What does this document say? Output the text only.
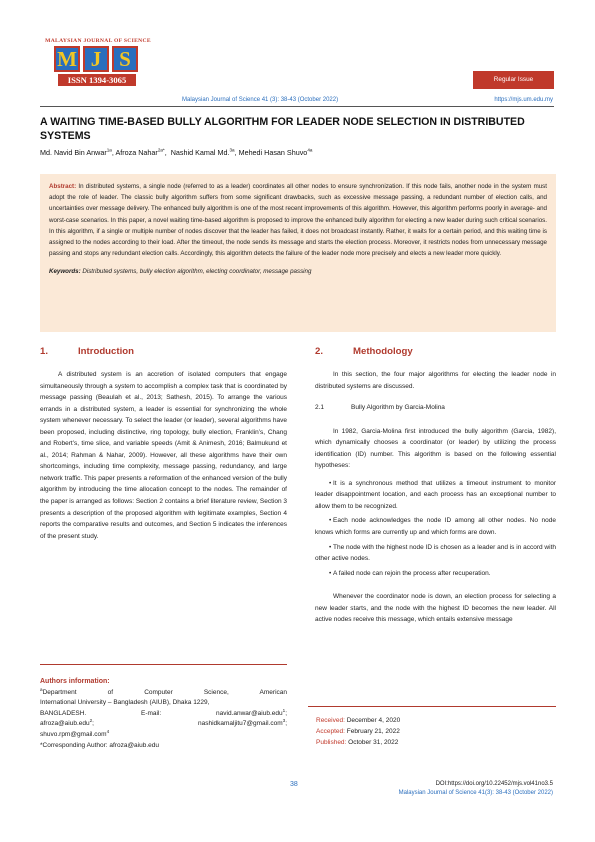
MALAYSIAN JOURNAL OF SCIENCE
M J S
ISSN 1394-3065	Regular Issue
Malaysian Journal of Science 41 (3): 38-43 (October 2022)	https://mjs.um.edu.my
A WAITING TIME-BASED BULLY ALGORITHM FOR LEADER NODE SELECTION IN DISTRIBUTED SYSTEMS
Md. Navid Bin Anwar$^{1a}$, Afroza Nahar$^{2a*}$,  Nashid Kamal Md.$^{3a}$, Mehedi Hasan Shuvo$^{4a}$
Abstract: In distributed systems, a single node (referred to as a leader) coordinates all other nodes to ensure synchronization. If this node fails, another node in the system must adopt the role of leader. The classic bully algorithm suffers from some significant drawbacks, such as excessive message passing, a redundant number of election calls, and uncertainties over message delivery. The enhanced bully algorithm is one of the most recent improvements of this algorithm. However, this algorithm performs poorly in average- and worst-case scenarios. In this paper, a novel waiting time-based algorithm is proposed to improve the enhanced bully algorithm for electing a new leader during such critical scenarios. In this algorithm, if a single or multiple number of nodes discover that the leader has failed, it does not broadcast instantly. Rather, it waits for a certain period, and this waiting time is assigned to the nodes according to their load. After the timeout, the node sends its message and starts the election process. Moreover, it restricts nodes from unnecessary message passing and stops any redundant election calls. Accordingly, this algorithm detects the failure of the leader node more precisely and elects a new leader more quickly.
Keywords: Distributed systems, bully election algorithm, electing coordinator, message passing
1.	Introduction

A distributed system is an accretion of isolated computers that engage simultaneously through a system to accomplish a complex task that is coordinated by message passing (Beaulah et al., 2013; Sathesh, 2015). To arrange the various errands in a distributed system, a leader is essential for synchronizing the whole system whenever necessary. To select the leader (or leader), several algorithms have been proposed, including distinctive, ring topology, bully election, Franklin’s, Chang and Robert’s, time slice, and variable speeds (Amit & Animesh, 2016; Balmukund et al., 2014; Rahman & Nahar, 2009). However, all these algorithms have their own shortcomings, including time complexity, message passing, redundancy, and large network traffic. This paper presents a reformation of the enhanced version of the bully algorithm by introducing the time allocation concept to the nodes. The remainder of the paper is arranged as follows: Section 2 contains a brief literature review, Section 3 presents a description of the proposed algorithm with legitimate examples, Section 4 reports the comparative results and outcomes, and Section 5 indicates the inferences of the present study.

Authors information:
$^a$Department of Computer Science, American
International University – Bangladesh (AIUB), Dhaka 1229,
BANGLADESH. E-mail: navid.anwar@aiub.edu$^1$;
afroza@aiub.edu$^2$; nashidkamaljitu7@gmail.com$^3$;
shuvo.rpm@gmail.com$^4$
*Corresponding Author: afroza@aiub.edu
2.	Methodology

In this section, the four major algorithms for electing the leader node in distributed systems are discussed.

2.1	Bully Algorithm by Garcia-Molina

In 1982, Garcia-Molina first introduced the bully algorithm (Garcia, 1982), which dynamically chooses a coordinator (or leader) by utilizing the process identification (ID) number. This algorithm is based on the following essential hypotheses:

• It is a synchronous method that utilizes a timeout instrument to monitor leader disappointment location, and each process has an exceptional number to allow them to be recognized.

• Each node acknowledges the node ID among all other nodes. No node knows which forms are currently up and which forms are down.

• The node with the highest node ID is chosen as a leader and is in accord with other active nodes.

• A failed node can rejoin the process after recuperation.

Whenever the coordinator node is down, an election process for selecting a new leader starts, and the node with the highest ID becomes the new leader. All active nodes receive this message, which entails extensive message

Received: December 4, 2020
Accepted: February 21, 2022
Published: October 31, 2022
38	DOI:https://doi.org/10.22452/mjs.vol41no3.5
Malaysian Journal of Science 41(3): 38-43 (October 2022)
